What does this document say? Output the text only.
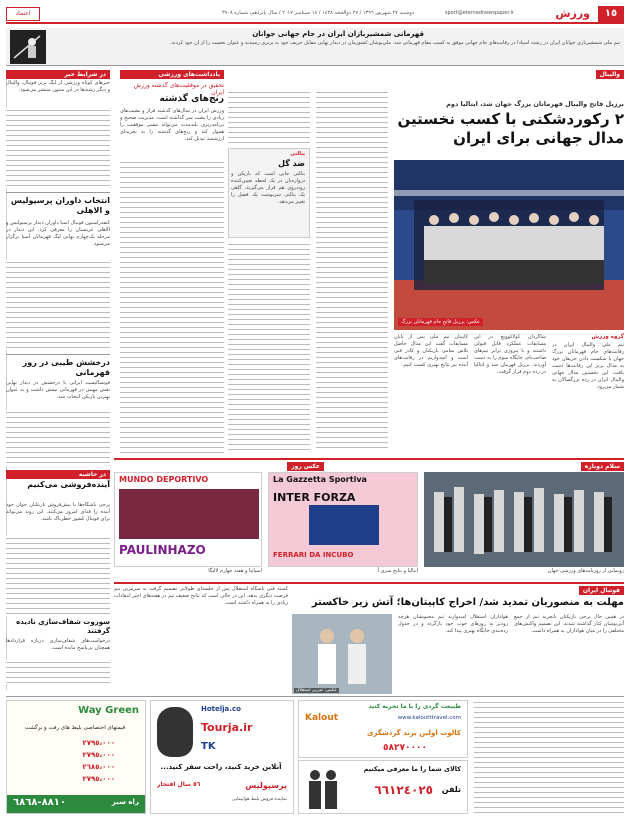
١٥
ورزش
sport@etemadnewspaper.ir
دوشنبه ٢٧ شهریور ١٣٩٦ / ٢٧ ذوالحجه ١٤٣٨ / ١٨ سپتامبر ٢٠١٧ / سال پانزدهم، شماره ٣٩٠٨
اعتماد
قهرمانی شمشیربازان ایران در جام جهانی جوانان
تیم ملی شمشیربازی جوانان ایران در رشته اسپادا در رقابت‌های جام جهانی موفق به کسب مقام قهرمانی شد. ملی‌پوشان کشورمان در دیدار نهایی مقابل حریف خود به برتری رسیدند و عنوان نخست را از آن خود کردند.
والیبال
برزیل فاتح والیبال قهرمانان بزرگ جهان شد، ایتالیا دوم
٢ رکوردشکنی با کسب نخستین مدال جهانی برای ایران
عکس: برزیل فاتح جام قهرمانان بزرگ
گروه ورزش
تیم ملی والیبال ایران در رقابت‌های جام قهرمانان بزرگ جهان با شکست دادن حریفان خود به مدال برنز این رقابت‌ها دست یافت. این نخستین مدال جهانی والیبال ایران در رده بزرگسالان به شمار می‌رود.
شاگردان کولاکوویچ در این مسابقات عملکرد قابل قبولی داشتند و با پیروزی برابر تیم‌های صاحب‌نام، جایگاه سوم را به دست آوردند. برزیل قهرمان شد و ایتالیا در رده دوم قرار گرفت.
کاپیتان تیم ملی پس از پایان مسابقات گفت این مدال حاصل تلاش تمامی بازیکنان و کادر فنی است و امیدواریم در رقابت‌های آینده نیز نتایج بهتری کسب کنیم.
پنالتی
ضد گل
پنالتی جایی است که بازیکن و دروازه‌بان در یک لحظه تعیین‌کننده روبه‌روی هم قرار می‌گیرند. گاهی یک پنالتی سرنوشت یک فصل را تغییر می‌دهد.
یادداشت‌های ورزشی
تحقیق در موفقیت‌های گذشته ورزش ایران
رنج‌های گذشته
ورزش ایران در سال‌های گذشته فراز و نشیب‌های زیادی را پشت سر گذاشته است. مدیریت صحیح و برنامه‌ریزی بلندمدت می‌تواند مسیر موفقیت را هموار کند و رنج‌های گذشته را به تجربه‌ای ارزشمند تبدیل کند.
در شرایط خبر
خبرهای کوتاه ورزشی از لیگ برتر فوتبال، والیبال و دیگر رشته‌ها در این ستون منتشر می‌شود.
انتخاب داوران پرسپولیس و الاهلی
کنفدراسیون فوتبال آسیا داوران دیدار پرسپولیس و الاهلی عربستان را معرفی کرد. این دیدار در مرحله یک‌چهارم نهایی لیگ قهرمانان آسیا برگزار می‌شود.
درخشش طیبی در روز قهرمانی
فوتسالیست ایرانی با درخشش در دیدار نهایی نقش مهمی در قهرمانی تیمش داشت و به عنوان بهترین بازیکن انتخاب شد.
در حاشیه
آینده‌فروشی می‌کنیم
برخی باشگاه‌ها با پیش‌فروش بازیکنان جوان خود آینده را فدای امروز می‌کنند. این روند می‌تواند برای فوتبال کشور خطرناک باشد.
سوروت شفاف‌سازی نادیده گرفتند
درخواست‌های شفاف‌سازی درباره قراردادها همچنان بی‌پاسخ مانده است.
سلام دوباره
عکس روز
رونمایی از روزنامه‌های ورزشی جهان
La Gazzetta Sportiva
INTER FORZA
FERRARI DA INCUBO
ایتالیا و نتایج سری آ
MUNDO DEPORTIVO
PAULINHAZO
اسپانیا و هفته چهارم لالیگا
فوتبال ایران
مهلت به منصوریان تمدید شد/ اخراج کاپیتان‌ها؛ آتش زیر خاکستر
کمیته فنی باشگاه استقلال پس از جلسه‌ای طولانی تصمیم گرفت به سرمربی تیم فرصت دیگری بدهد. این در حالی است که نتایج ضعیف تیم در هفته‌های اخیر انتقادات زیادی را به همراه داشته است.
در همین حال برخی بازیکنان باتجربه تیم از جمع آبی‌پوشان کنار گذاشته شدند. این تصمیم واکنش‌های مختلفی را در میان هواداران به همراه داشت.
هواداران استقلال امیدوارند تیم محبوبشان هرچه زودتر به روزهای خوب خود بازگردد و در جدول رده‌بندی جایگاه بهتری پیدا کند.
عکس: تمرین استقلال
Way Green
قیمتهای اختصاصی بلیط های رفت و برگشت
٢٧٩٥،٠٠٠
٢٧٩٥،٠٠٠
٢٦٨٥،٠٠٠
٢٧٩٥،٠٠٠
راه سبز
٨٨١٠-٦٨٦٨
Hotelja.co
Tourja.ir
TK
آنلاین خرید کنید، راحت سفر کنید...
٥٦ سال افتخار	پرسپولیس
نماینده فروش بلیط هواپیمایی
طبیعت گردی را با ما تجربه کنید
Kalout	www.kaloutttravel.com
کالوت اولین برند گردشگری
٥٨٢٧٠٠٠٠
کالای شما را ما معرفی میکنیم
تلفن
٦٦١٢٤٠٢٥
